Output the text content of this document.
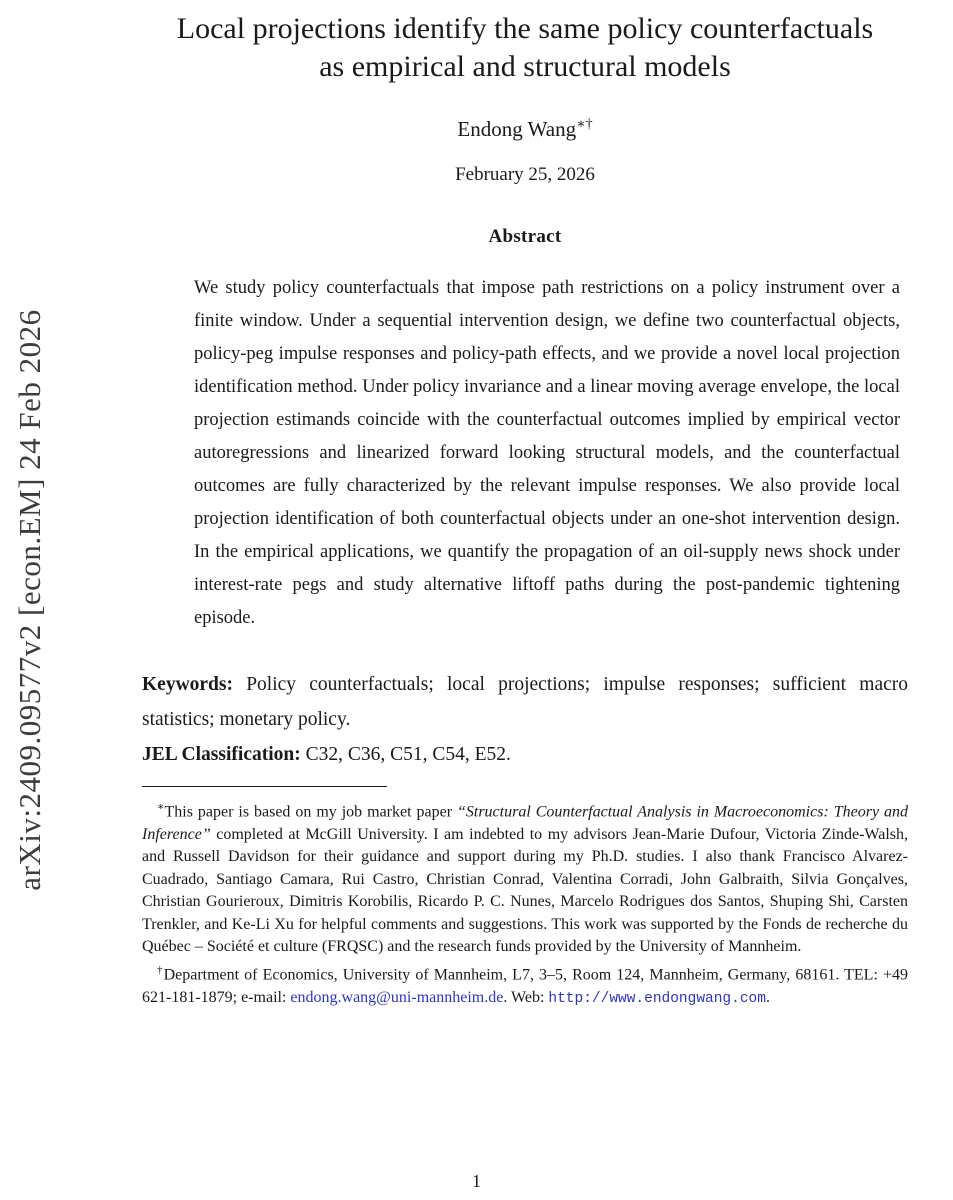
arXiv:2409.09577v2 [econ.EM] 24 Feb 2026
Local projections identify the same policy counterfactuals as empirical and structural models
Endong Wang∗†
February 25, 2026
Abstract

We study policy counterfactuals that impose path restrictions on a policy instrument over a finite window. Under a sequential intervention design, we define two counterfactual objects, policy-peg impulse responses and policy-path effects, and we provide a novel local projection identification method. Under policy invariance and a linear moving average envelope, the local projection estimands coincide with the counterfactual outcomes implied by empirical vector autoregressions and linearized forward looking structural models, and the counterfactual outcomes are fully characterized by the relevant impulse responses. We also provide local projection identification of both counterfactual objects under an one-shot intervention design. In the empirical applications, we quantify the propagation of an oil-supply news shock under interest-rate pegs and study alternative liftoff paths during the post-pandemic tightening episode.

Keywords: Policy counterfactuals; local projections; impulse responses; sufficient macro statistics; monetary policy.

JEL Classification: C32, C36, C51, C54, E52.

∗This paper is based on my job market paper “Structural Counterfactual Analysis in Macroeconomics: Theory and Inference” completed at McGill University. I am indebted to my advisors Jean-Marie Dufour, Victoria Zinde-Walsh, and Russell Davidson for their guidance and support during my Ph.D. studies. I also thank Francisco Alvarez-Cuadrado, Santiago Camara, Rui Castro, Christian Conrad, Valentina Corradi, John Galbraith, Silvia Gonçalves, Christian Gourieroux, Dimitris Korobilis, Ricardo P. C. Nunes, Marcelo Rodrigues dos Santos, Shuping Shi, Carsten Trenkler, and Ke-Li Xu for helpful comments and suggestions. This work was supported by the Fonds de recherche du Québec – Société et culture (FRQSC) and the research funds provided by the University of Mannheim.

†Department of Economics, University of Mannheim, L7, 3–5, Room 124, Mannheim, Germany, 68161. TEL: +49 621-181-1879; e-mail: endong.wang@uni-mannheim.de. Web: http://www.endongwang.com.

1
